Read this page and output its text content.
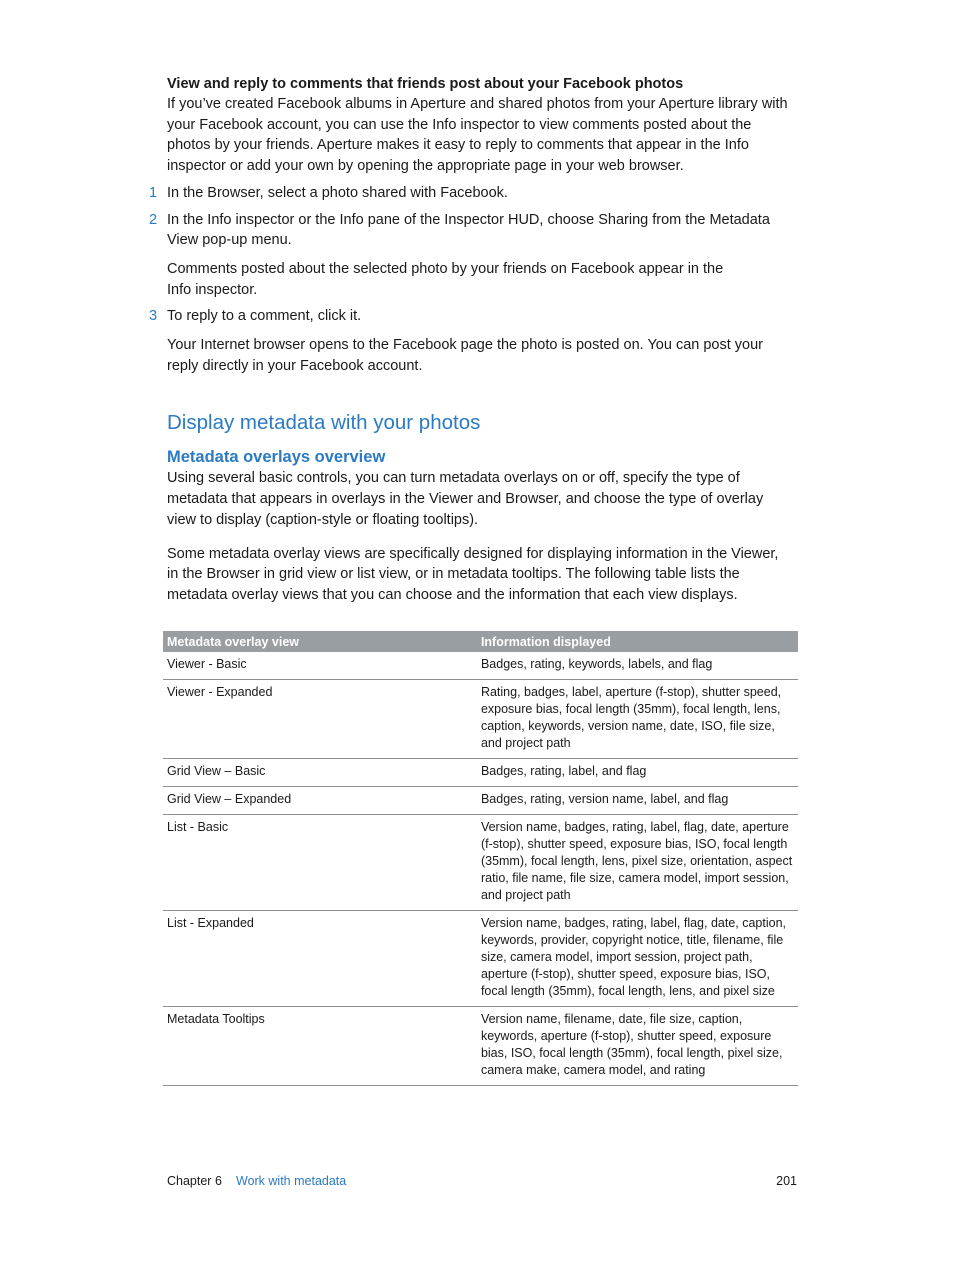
View and reply to comments that friends post about your Facebook photos

If you’ve created Facebook albums in Aperture and shared photos from your Aperture library with your Facebook account, you can use the Info inspector to view comments posted about the photos by your friends. Aperture makes it easy to reply to comments that appear in the Info inspector or add your own by opening the appropriate page in your web browser.

1 In the Browser, select a photo shared with Facebook.
2 In the Info inspector or the Info pane of the Inspector HUD, choose Sharing from the Metadata View pop-up menu.

Comments posted about the selected photo by your friends on Facebook appear in the Info inspector.

3 To reply to a comment, click it.

Your Internet browser opens to the Facebook page the photo is posted on. You can post your reply directly in your Facebook account.

Display metadata with your photos
Metadata overlays overview

Using several basic controls, you can turn metadata overlays on or off, specify the type of metadata that appears in overlays in the Viewer and Browser, and choose the type of overlay view to display (caption-style or floating tooltips).

Some metadata overlay views are specifically designed for displaying information in the Viewer, in the Browser in grid view or list view, or in metadata tooltips. The following table lists the metadata overlay views that you can choose and the information that each view displays.

Metadata overlay view	Information displayed
Viewer - Basic	Badges, rating, keywords, labels, and flag
Viewer - Expanded	Rating, badges, label, aperture (f-stop), shutter speed, exposure bias, focal length (35mm), focal length, lens, caption, keywords, version name, date, ISO, file size, and project path
Grid View – Basic	Badges, rating, label, and flag
Grid View – Expanded	Badges, rating, version name, label, and flag
List - Basic	Version name, badges, rating, label, flag, date, aperture (f-stop), shutter speed, exposure bias, ISO, focal length (35mm), focal length, lens, pixel size, orientation, aspect ratio, file name, file size, camera model, import session, and project path
List - Expanded	Version name, badges, rating, label, flag, date, caption, keywords, provider, copyright notice, title, filename, file size, camera model, import session, project path, aperture (f-stop), shutter speed, exposure bias, ISO, focal length (35mm), focal length, lens, and pixel size
Metadata Tooltips	Version name, filename, date, file size, caption, keywords, aperture (f-stop), shutter speed, exposure bias, ISO, focal length (35mm), focal length, pixel size, camera make, camera model, and rating
Chapter 6 Work with metadata	201
